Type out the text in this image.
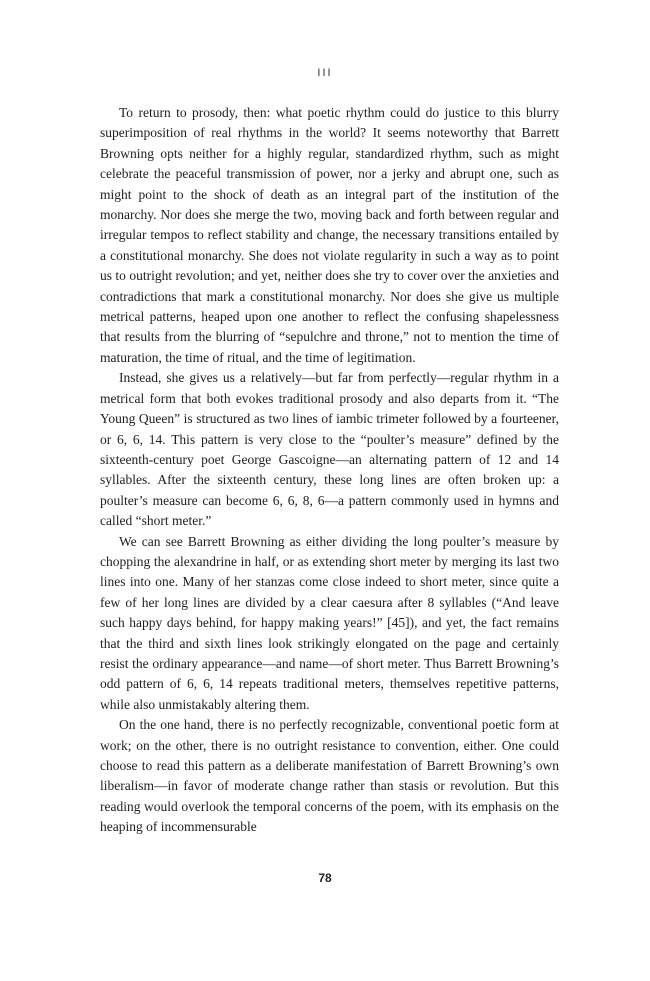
III

To return to prosody, then: what poetic rhythm could do justice to this blurry superimposition of real rhythms in the world? It seems noteworthy that Barrett Browning opts neither for a highly regular, standardized rhythm, such as might celebrate the peaceful transmission of power, nor a jerky and abrupt one, such as might point to the shock of death as an integral part of the institution of the monarchy. Nor does she merge the two, moving back and forth between regular and irregular tempos to reflect stability and change, the necessary transitions entailed by a constitutional monarchy. She does not violate regularity in such a way as to point us to outright revolution; and yet, neither does she try to cover over the anxieties and contradictions that mark a constitutional monarchy. Nor does she give us multiple metrical patterns, heaped upon one another to reflect the confusing shapelessness that results from the blurring of “sepulchre and throne,” not to mention the time of maturation, the time of ritual, and the time of legitimation.

Instead, she gives us a relatively—but far from perfectly—regular rhythm in a metrical form that both evokes traditional prosody and also departs from it. “The Young Queen” is structured as two lines of iambic trimeter followed by a fourteener, or 6, 6, 14. This pattern is very close to the “poulter’s measure” defined by the sixteenth-century poet George Gascoigne—an alternating pattern of 12 and 14 syllables. After the sixteenth century, these long lines are often broken up: a poulter’s measure can become 6, 6, 8, 6—a pattern commonly used in hymns and called “short meter.”

We can see Barrett Browning as either dividing the long poulter’s measure by chopping the alexandrine in half, or as extending short meter by merging its last two lines into one. Many of her stanzas come close indeed to short meter, since quite a few of her long lines are divided by a clear caesura after 8 syllables (“And leave such happy days behind, for happy making years!” [45]), and yet, the fact remains that the third and sixth lines look strikingly elongated on the page and certainly resist the ordinary appearance—and name—of short meter. Thus Barrett Browning’s odd pattern of 6, 6, 14 repeats traditional meters, themselves repetitive patterns, while also unmistakably altering them.

On the one hand, there is no perfectly recognizable, conventional poetic form at work; on the other, there is no outright resistance to convention, either. One could choose to read this pattern as a deliberate manifestation of Barrett Browning’s own liberalism—in favor of moderate change rather than stasis or revolution. But this reading would overlook the temporal concerns of the poem, with its emphasis on the heaping of incommensurable

78
